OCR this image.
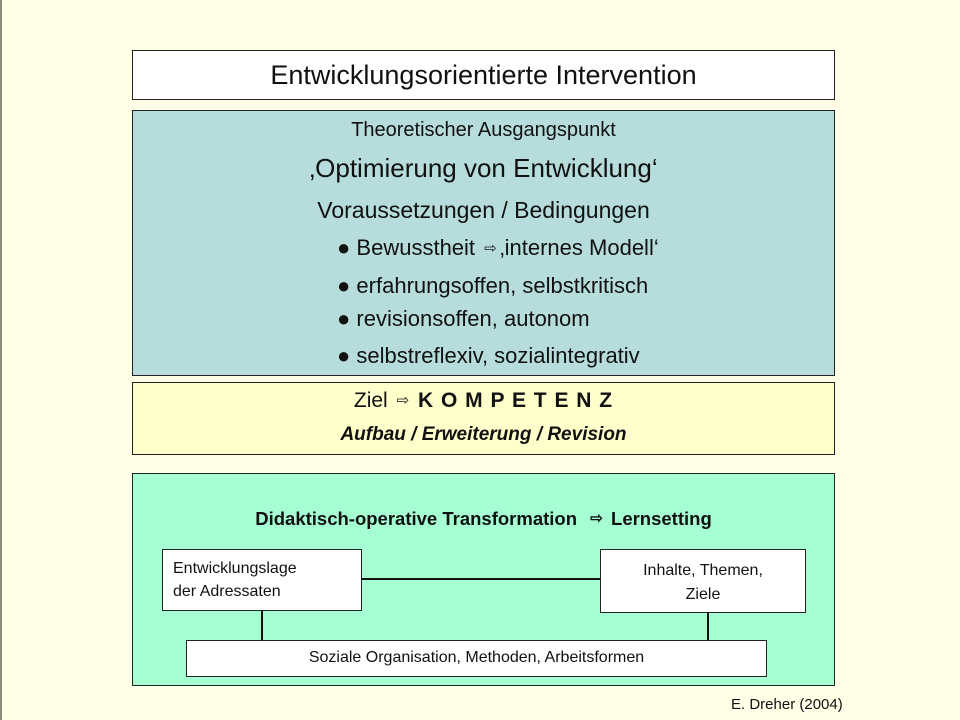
Entwicklungsorientierte Intervention
Theoretischer Ausgangspunkt
‚Optimierung von Entwicklung‘
Voraussetzungen / Bedingungen
● Bewusstheit ⇨ ‚internes Modell‘
● erfahrungsoffen, selbstkritisch
● revisionsoffen, autonom
● selbstreflexiv, sozialintegrativ
Ziel ⇨ K O M P E T E N Z
Aufbau / Erweiterung / Revision
Didaktisch-operative Transformation ⇨ Lernsetting
Entwicklungslage
der Adressaten
Inhalte, Themen,
Ziele
Soziale Organisation, Methoden, Arbeitsformen
E. Dreher (2004)
